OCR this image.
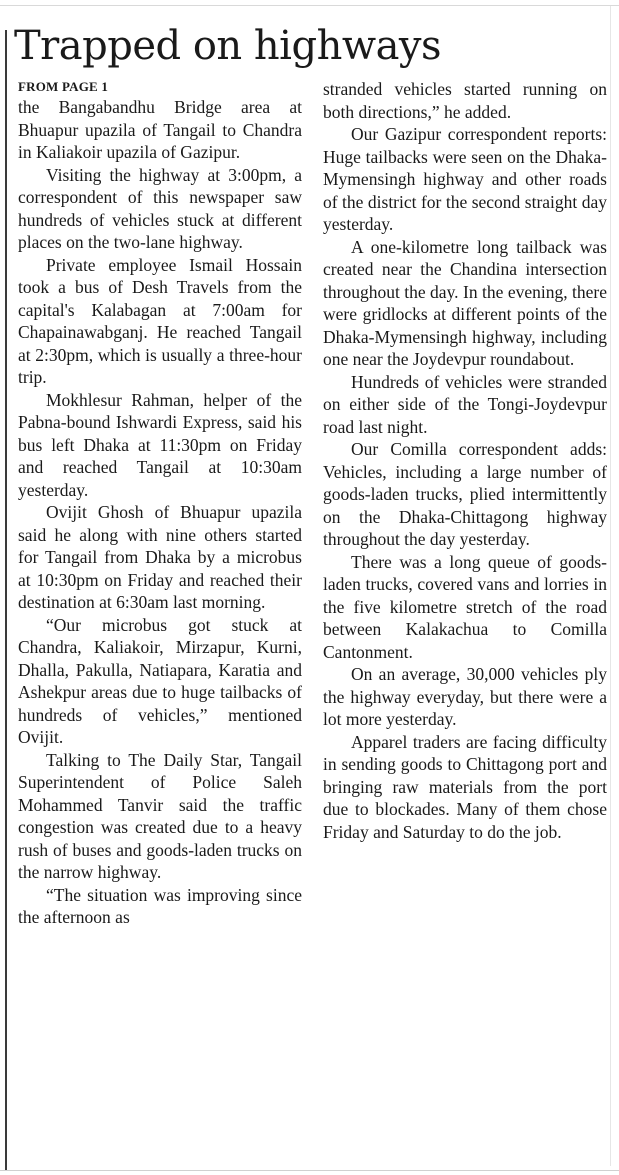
Trapped on highways
FROM PAGE 1

the Bangabandhu Bridge area at Bhuapur upazila of Tangail to Chandra in Kaliakoir upazila of Gazipur.

Visiting the highway at 3:00pm, a correspondent of this newspaper saw hundreds of vehicles stuck at different places on the two-lane highway.

Private employee Ismail Hossain took a bus of Desh Travels from the capital's Kalabagan at 7:00am for Chapainawabganj. He reached Tangail at 2:30pm, which is usually a three-hour trip.

Mokhlesur Rahman, helper of the Pabna-bound Ishwardi Express, said his bus left Dhaka at 11:30pm on Friday and reached Tangail at 10:30am yesterday.

Ovijit Ghosh of Bhuapur upazila said he along with nine others started for Tangail from Dhaka by a microbus at 10:30pm on Friday and reached their destination at 6:30am last morning.

“Our microbus got stuck at Chandra, Kaliakoir, Mirzapur, Kurni, Dhalla, Pakulla, Natiapara, Karatia and Ashekpur areas due to huge tailbacks of hundreds of vehicles,” mentioned Ovijit.

Talking to The Daily Star, Tangail Superintendent of Police Saleh Mohammed Tanvir said the traffic congestion was created due to a heavy rush of buses and goods-laden trucks on the narrow highway.

“The situation was improving since the afternoon as

stranded vehicles started running on both directions,” he added.

Our Gazipur correspondent reports: Huge tailbacks were seen on the Dhaka-Mymensingh highway and other roads of the district for the second straight day yesterday.

A one-kilometre long tailback was created near the Chandina intersection throughout the day. In the evening, there were gridlocks at different points of the Dhaka-Mymensingh highway, including one near the Joydevpur roundabout.

Hundreds of vehicles were stranded on either side of the Tongi-Joydevpur road last night.

Our Comilla correspondent adds: Vehicles, including a large number of goods-laden trucks, plied intermittently on the Dhaka-Chittagong highway throughout the day yesterday.

There was a long queue of goods-laden trucks, covered vans and lorries in the five kilometre stretch of the road between Kalakachua to Comilla Cantonment.

On an average, 30,000 vehicles ply the highway everyday, but there were a lot more yesterday.

Apparel traders are facing difficulty in sending goods to Chittagong port and bringing raw materials from the port due to blockades. Many of them chose Friday and Saturday to do the job.
